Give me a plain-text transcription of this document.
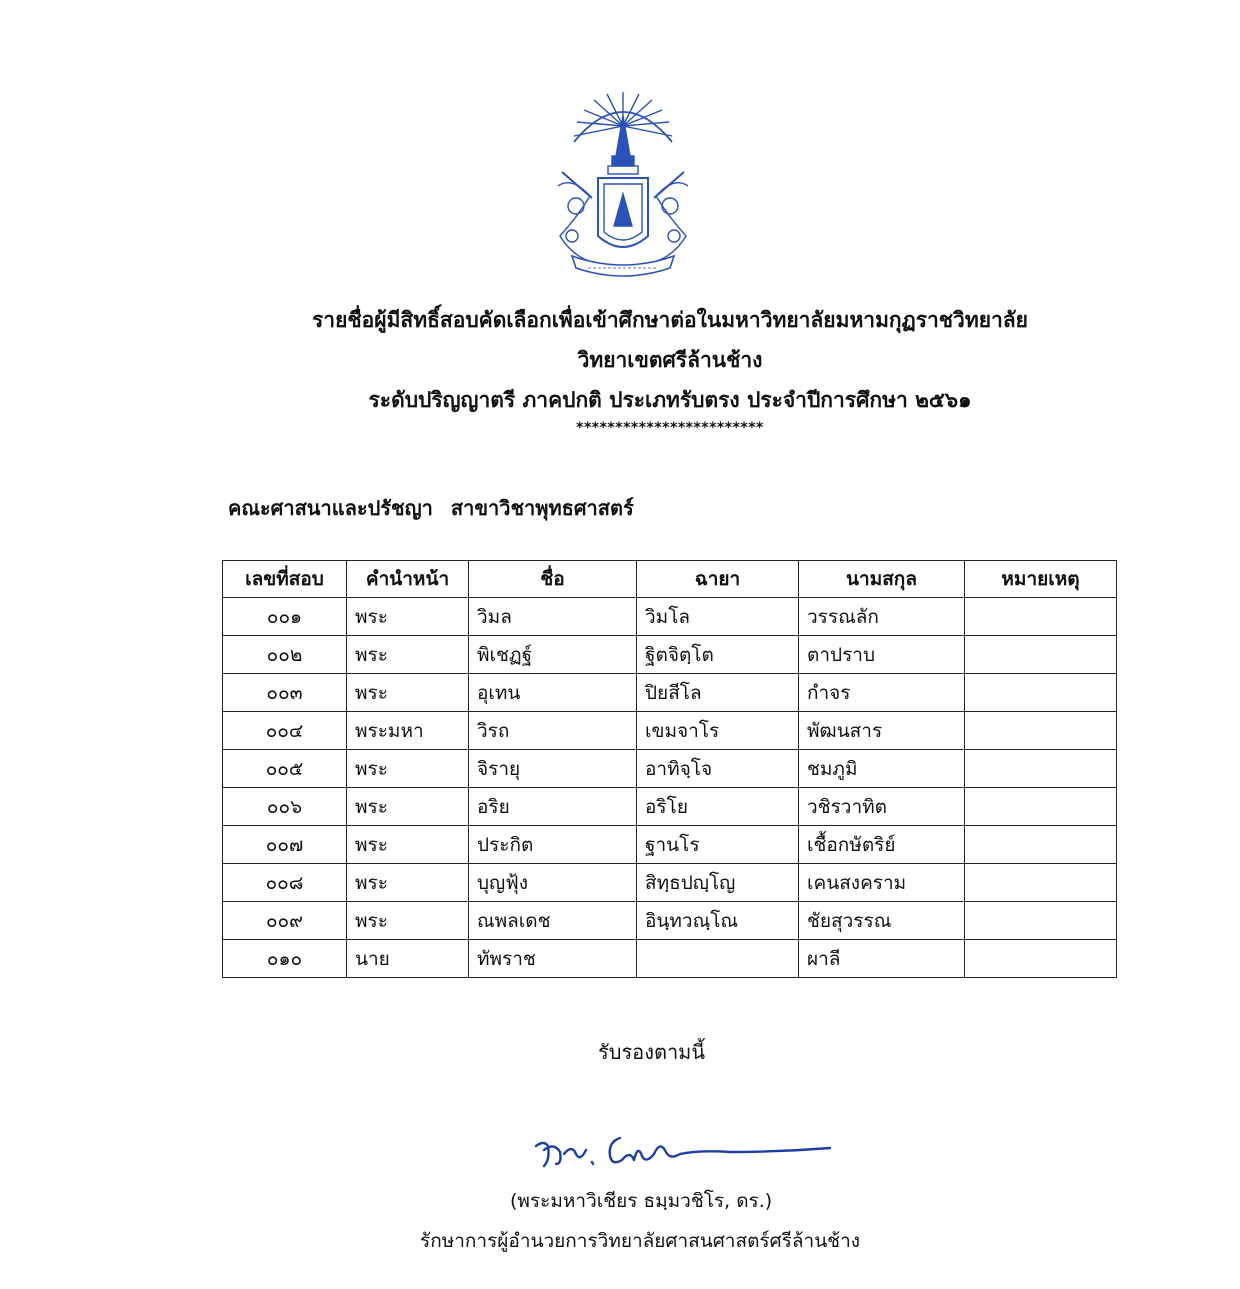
รายชื่อผู้มีสิทธิ์สอบคัดเลือกเพื่อเข้าศึกษาต่อในมหาวิทยาลัยมหามกุฏราชวิทยาลัย
วิทยาเขตศรีล้านช้าง
ระดับปริญญาตรี ภาคปกติ ประเภทรับตรง ประจำปีการศึกษา ๒๕๖๑
************************
คณะศาสนาและปรัชญา สาขาวิชาพุทธศาสตร์
เลขที่สอบ	คำนำหน้า	ชื่อ	ฉายา	นามสกุล	หมายเหตุ
๐๐๑	พระ	วิมล	วิมโล	วรรณลัก	
๐๐๒	พระ	พิเชฏฐ์	ฐิตจิตฺโต	ตาปราบ	
๐๐๓	พระ	อุเทน	ปิยสีโล	กำจร	
๐๐๔	พระมหา	วิรถ	เขมจาโร	พัฒนสาร	
๐๐๕	พระ	จิรายุ	อาทิจฺโจ	ชมภูมิ	
๐๐๖	พระ	อริย	อริโย	วชิรวาทิต	
๐๐๗	พระ	ประกิต	ฐานโร	เชื้อกษัตริย์	
๐๐๘	พระ	บุญฟุ้ง	สิทฺธปญฺโญ	เคนสงคราม	
๐๐๙	พระ	ณพลเดช	อินฺทวณฺโณ	ชัยสุวรรณ	
๐๑๐	นาย	ทัพราช		ผาลี	
รับรองตามนี้
(พระมหาวิเชียร ธมฺมวชิโร, ดร.)
รักษาการผู้อำนวยการวิทยาลัยศาสนศาสตร์ศรีล้านช้าง
